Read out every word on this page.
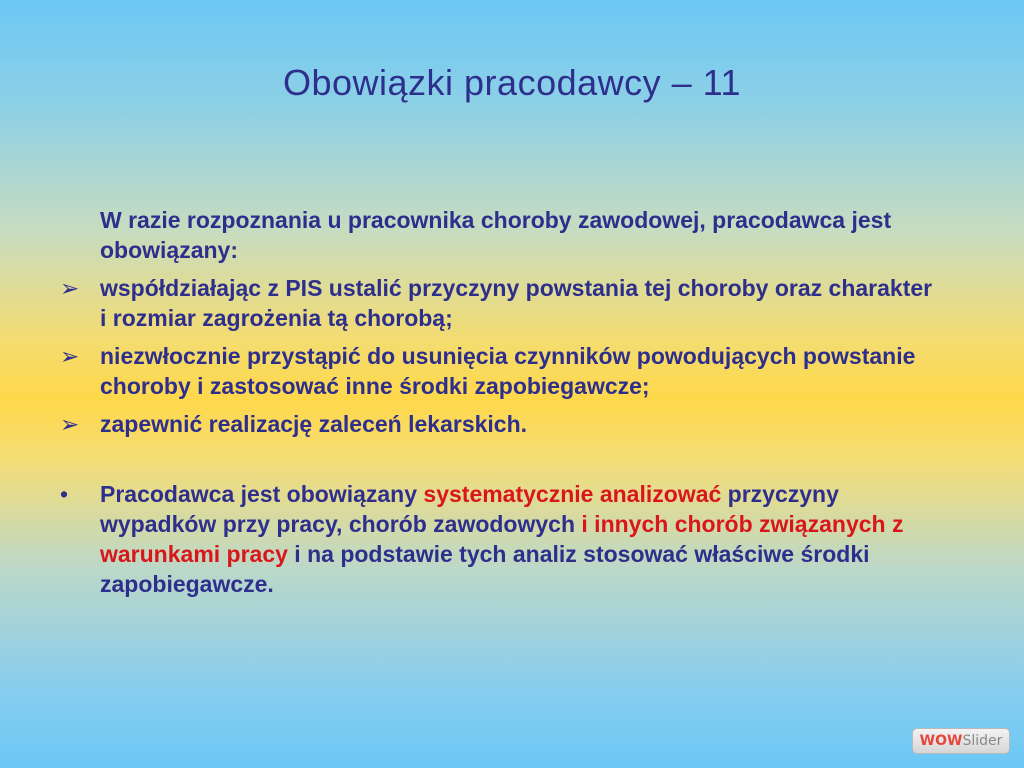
Obowiązki pracodawcy – 11

W razie rozpoznania u pracownika choroby zawodowej, pracodawca jest obowiązany:

➢ współdziałając z PIS ustalić przyczyny powstania tej choroby oraz charakter i rozmiar zagrożenia tą chorobą;

➢ niezwłocznie przystąpić do usunięcia czynników powodujących powstanie choroby i zastosować inne środki zapobiegawcze;

➢ zapewnić realizację zaleceń lekarskich.

•	Pracodawca jest obowiązany systematycznie analizować przyczyny wypadków przy pracy, chorób zawodowych i innych chorób związanych z warunkami pracy i na podstawie tych analiz stosować właściwe środki zapobiegawcze.

WOW Slider
